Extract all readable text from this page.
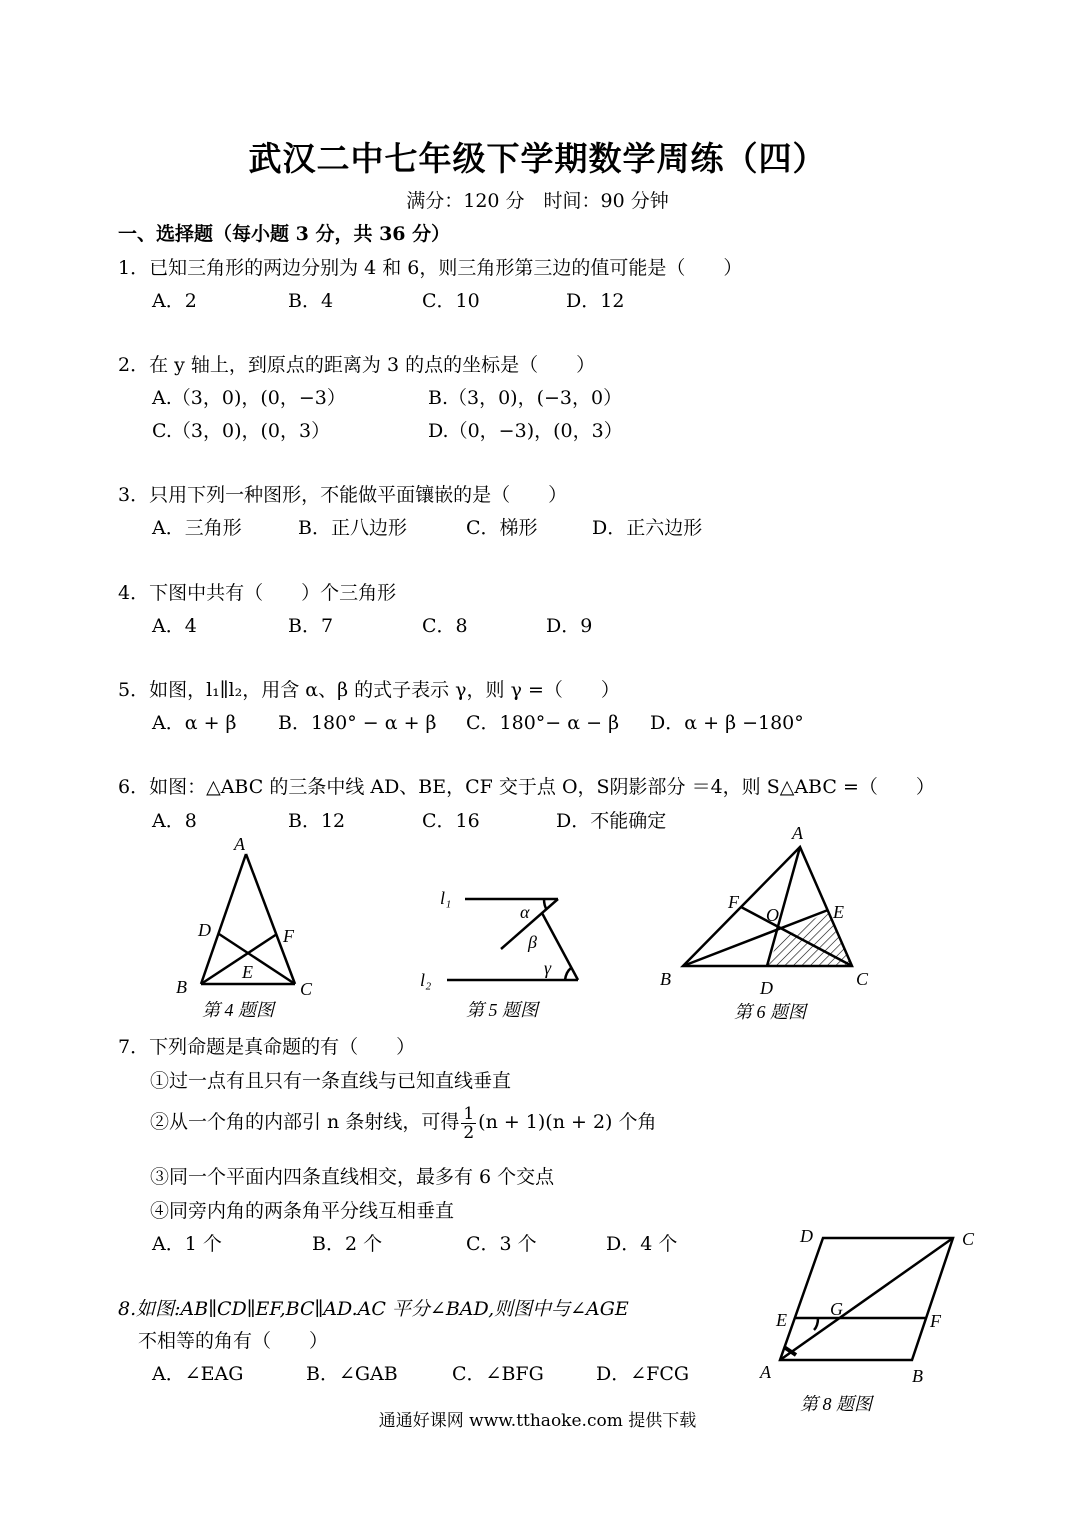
武汉二中七年级下学期数学周练（四）
满分：120 分　时间：90 分钟
一、选择题（每小题 3 分，共 36 分）
1．已知三角形的两边分别为 4 和 6，则三角形第三边的值可能是（　　）
A．2	B．4	C．10	D．12
2．在 y 轴上，到原点的距离为 3 的点的坐标是（　　）
A.（3，0)，(0，−3）	B.（3，0)，(−3，0）
C.（3，0)，(0，3）	D.（0，−3)，(0，3）
3．只用下列一种图形，不能做平面镶嵌的是（　　）
A．三角形	B．正八边形	C．梯形	D．正六边形
4．下图中共有（　　）个三角形
A．4	B．7	C．8	D．9
5．如图，l₁∥l₂，用含 α、β 的式子表示 γ，则 γ =（　　）
A．α + β B．180° − α + β C．180°− α − β D．α + β −180°
6．如图：△ABC 的三条中线 AD、BE，CF 交于点 O，S阴影部分 ＝4，则 S△ABC =（　　）
A．8	B．12	C．16	D．不能确定
A
D	F
E
B	C
第 4 题图
l₁
α
β
γ
l₂
第 5 题图
A
F
O	E
B	D	C
第 6 题图
7．下列命题是真命题的有（　　）
①过一点有且只有一条直线与已知直线垂直
②从一个角的内部引 n 条射线，可得 $\frac{1}{2} (n + 1)(n + 2)$ 个角
③同一个平面内四条直线相交，最多有 6 个交点
④同旁内角的两条角平分线互相垂直
A．1 个	B．2 个	C．3 个	D．4 个
8.如图:AB∥CD∥EF,BC∥AD.AC 平分∠BAD,则图中与∠AGE
不相等的角有（　　）
A．∠EAG	B．∠GAB	C．∠BFG	D．∠FCG
D	C
E
G
F
A	B
第 8 题图
通通好课网 www.tthaoke.com 提供下载
